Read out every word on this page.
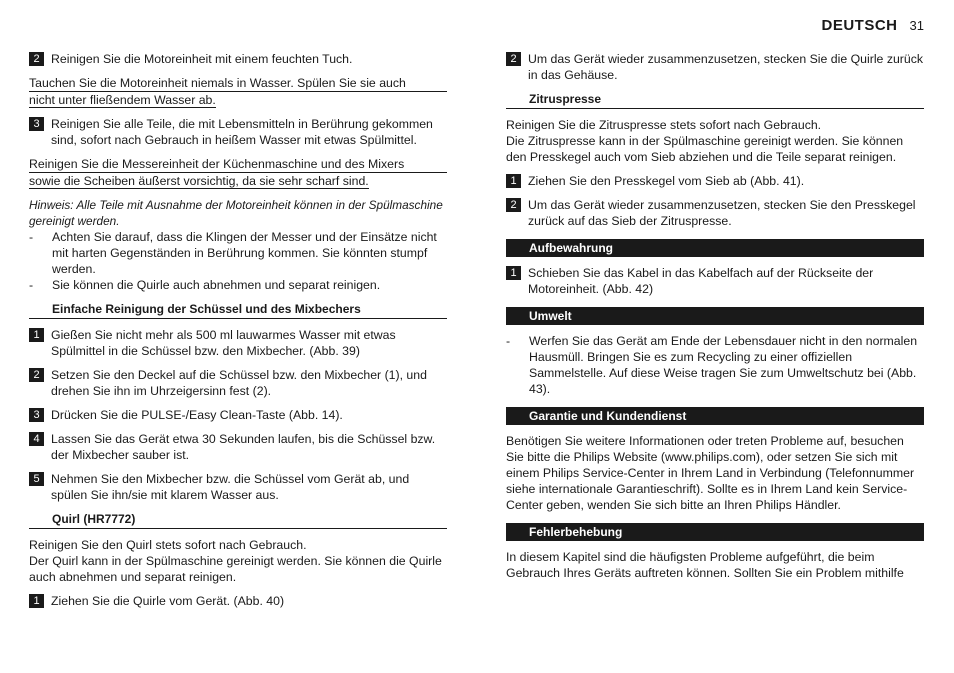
DEUTSCH 31
2 Reinigen Sie die Motoreinheit mit einem feuchten Tuch.
Tauchen Sie die Motoreinheit niemals in Wasser. Spülen Sie sie auch
nicht unter fließendem Wasser ab.
3 Reinigen Sie alle Teile, die mit Lebensmitteln in Berührung gekommen sind, sofort nach Gebrauch in heißem Wasser mit etwas Spülmittel.
Reinigen Sie die Messereinheit der Küchenmaschine und des Mixers
sowie die Scheiben äußerst vorsichtig, da sie sehr scharf sind.
Hinweis: Alle Teile mit Ausnahme der Motoreinheit können in der Spülmaschine gereinigt werden.
-	Achten Sie darauf, dass die Klingen der Messer und der Einsätze nicht mit harten Gegenständen in Berührung kommen. Sie könnten stumpf werden.
-	Sie können die Quirle auch abnehmen und separat reinigen.
Einfache Reinigung der Schüssel und des Mixbechers
1 Gießen Sie nicht mehr als 500 ml lauwarmes Wasser mit etwas Spülmittel in die Schüssel bzw. den Mixbecher. (Abb. 39)
2 Setzen Sie den Deckel auf die Schüssel bzw. den Mixbecher (1), und drehen Sie ihn im Uhrzeigersinn fest (2).
3 Drücken Sie die PULSE-/Easy Clean-Taste (Abb. 14).
4 Lassen Sie das Gerät etwa 30 Sekunden laufen, bis die Schüssel bzw. der Mixbecher sauber ist.
5 Nehmen Sie den Mixbecher bzw. die Schüssel vom Gerät ab, und spülen Sie ihn/sie mit klarem Wasser aus.
Quirl (HR7772)
Reinigen Sie den Quirl stets sofort nach Gebrauch.
Der Quirl kann in der Spülmaschine gereinigt werden. Sie können die Quirle auch abnehmen und separat reinigen.
1 Ziehen Sie die Quirle vom Gerät. (Abb. 40)
2 Um das Gerät wieder zusammenzusetzen, stecken Sie die Quirle zurück in das Gehäuse.
Zitruspresse
Reinigen Sie die Zitruspresse stets sofort nach Gebrauch.
Die Zitruspresse kann in der Spülmaschine gereinigt werden. Sie können den Presskegel auch vom Sieb abziehen und die Teile separat reinigen.
1 Ziehen Sie den Presskegel vom Sieb ab (Abb. 41).
2 Um das Gerät wieder zusammenzusetzen, stecken Sie den Presskegel zurück auf das Sieb der Zitruspresse.
Aufbewahrung
1 Schieben Sie das Kabel in das Kabelfach auf der Rückseite der Motoreinheit. (Abb. 42)
Umwelt
-	Werfen Sie das Gerät am Ende der Lebensdauer nicht in den normalen Hausmüll. Bringen Sie es zum Recycling zu einer offiziellen Sammelstelle. Auf diese Weise tragen Sie zum Umweltschutz bei (Abb. 43).
Garantie und Kundendienst
Benötigen Sie weitere Informationen oder treten Probleme auf, besuchen Sie bitte die Philips Website (www.philips.com), oder setzen Sie sich mit einem Philips Service-Center in Ihrem Land in Verbindung (Telefonnummer siehe internationale Garantieschrift). Sollte es in Ihrem Land kein Service-Center geben, wenden Sie sich bitte an Ihren Philips Händler.
Fehlerbehebung
In diesem Kapitel sind die häufigsten Probleme aufgeführt, die beim Gebrauch Ihres Geräts auftreten können. Sollten Sie ein Problem mithilfe
